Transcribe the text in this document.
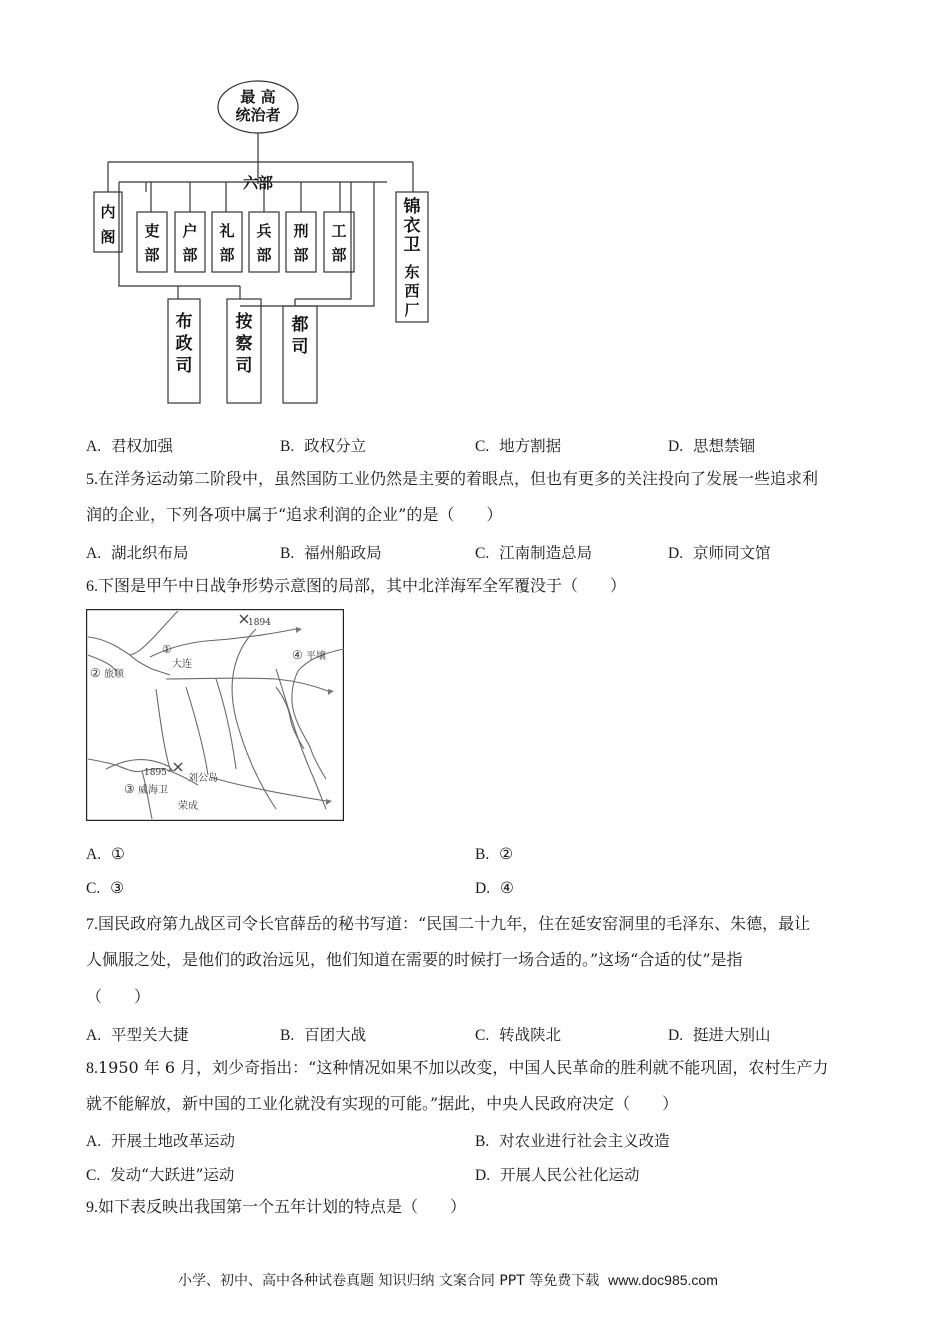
最 高
统治者
六部
内
阁 吏
部
户
部
礼
部
兵
部
刑
部
工
部
锦
衣
卫
东
西
厂
布
政
司
按
察
司
都
司
A. 君权加强	B. 政权分立	C. 地方割据	D. 思想禁锢
5.在洋务运动第二阶段中，虽然国防工业仍然是主要的着眼点，但也有更多的关注投向了发展一些追求利
润的企业，下列各项中属于“追求利润的企业”的是（　　）
A. 湖北织布局	B. 福州船政局	C. 江南制造总局	D. 京师同文馆
6.下图是甲午中日战争形势示意图的局部，其中北洋海军全军覆没于（　　）
①
大连
② 旅顺
④ 平壤
1894
1895 刘公岛
③ 威海卫
荣成
A. ①	B. ②
C. ③	D. ④
7.国民政府第九战区司令长官薛岳的秘书写道：“民国二十九年，住在延安窑洞里的毛泽东、朱德，最让
人佩服之处，是他们的政治远见，他们知道在需要的时候打一场合适的。”这场“合适的仗”是指
（　　）
A. 平型关大捷	B. 百团大战	C. 转战陕北	D. 挺进大别山
8.1950 年 6 月，刘少奇指出：“这种情况如果不加以改变，中国人民革命的胜利就不能巩固，农村生产力
就不能解放，新中国的工业化就没有实现的可能。”据此，中央人民政府决定（　　）
A. 开展土地改革运动	B. 对农业进行社会主义改造
C. 发动“大跃进”运动	D. 开展人民公社化运动
9.如下表反映出我国第一个五年计划的特点是（　　）
小学、初中、高中各种试卷真题 知识归纳 文案合同 PPT 等免费下载 www.doc985.com
